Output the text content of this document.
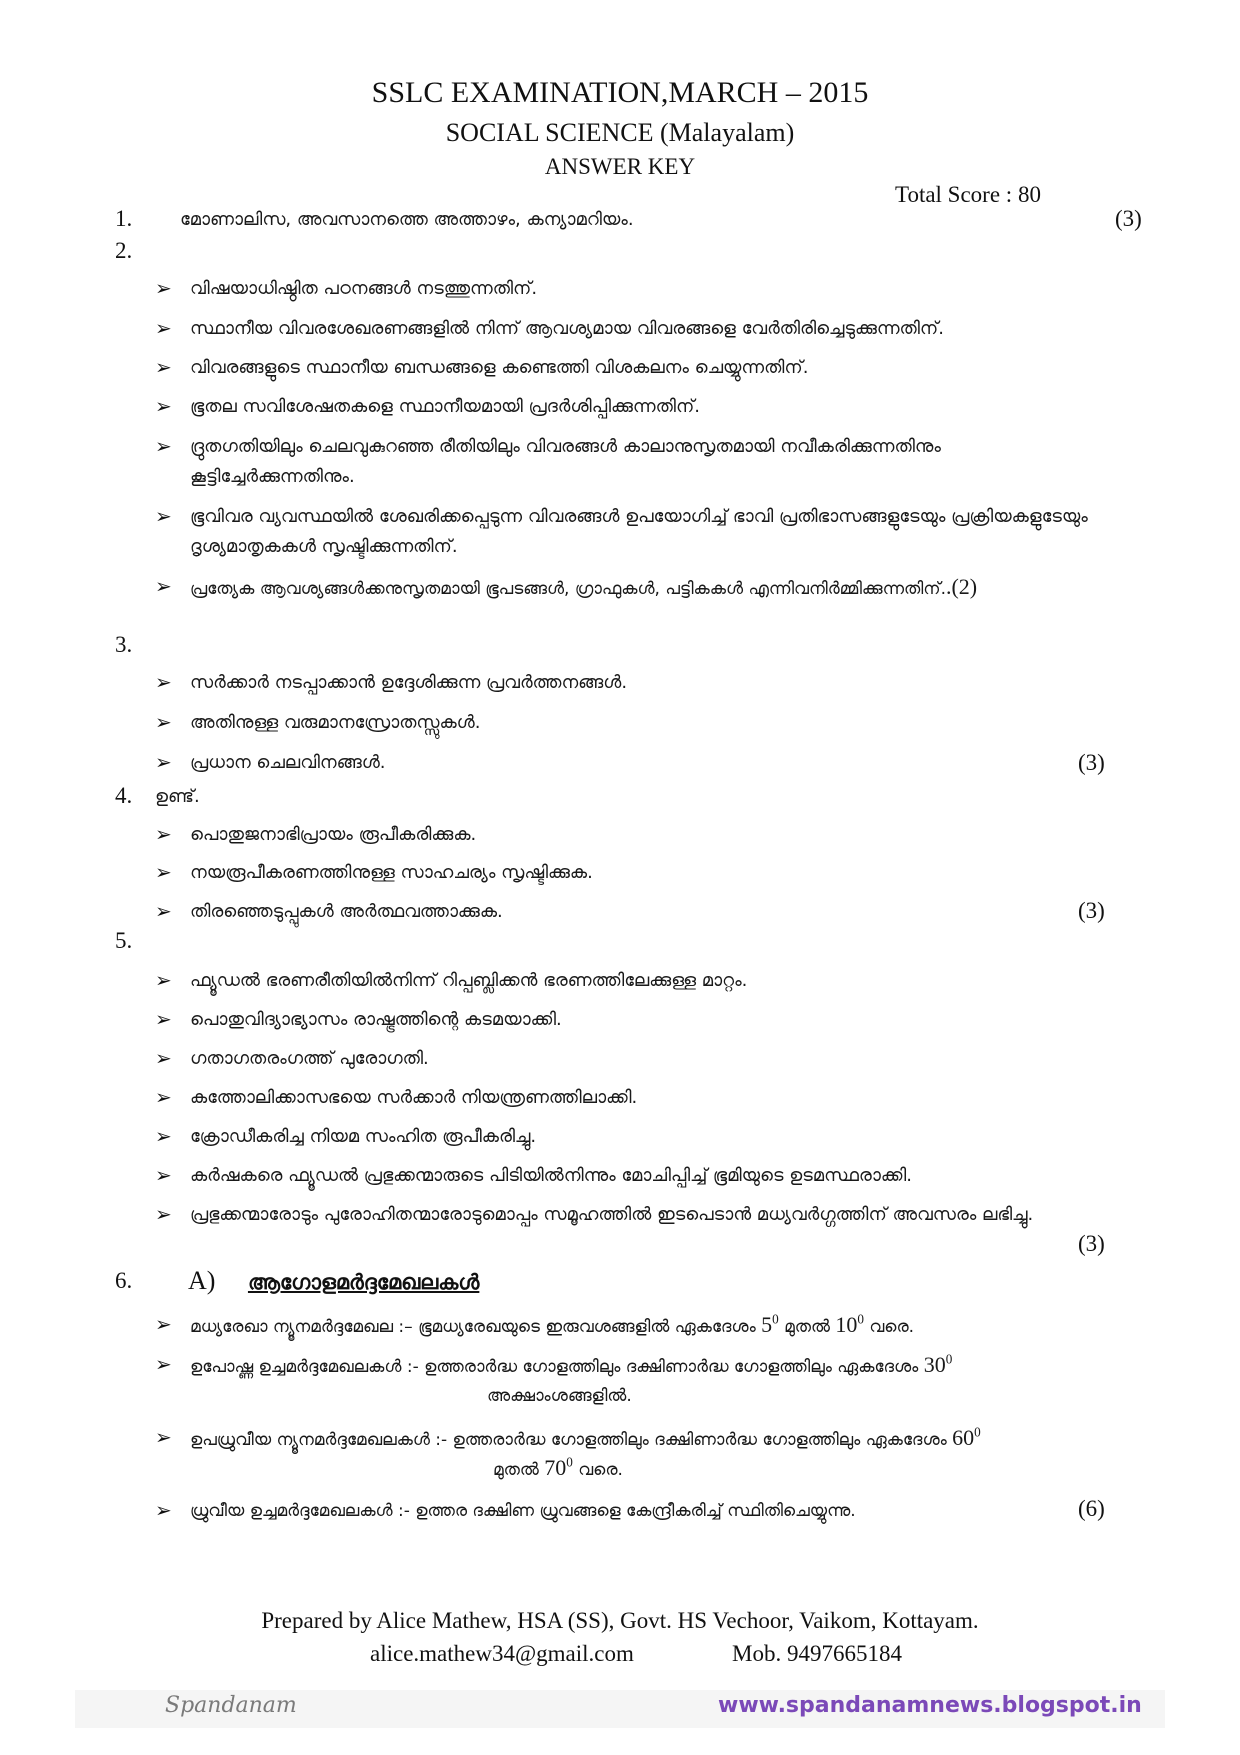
SSLC EXAMINATION,MARCH – 2015
SOCIAL SCIENCE (Malayalam)
ANSWER KEY
Total Score : 80
1.	മോണാലിസ, അവസാനത്തെ അത്താഴം, കന്യാമറിയം.	(3)
2.
➢	വിഷയാധിഷ്ഠിത പഠനങ്ങൾ നടത്തുന്നതിന്.
➢	സ്ഥാനീയ വിവരശേഖരണങ്ങളിൽ നിന്ന് ആവശ്യമായ വിവരങ്ങളെ വേർതിരിച്ചെടുക്കുന്നതിന്.
➢	വിവരങ്ങളുടെ സ്ഥാനീയ ബന്ധങ്ങളെ കണ്ടെത്തി വിശകലനം ചെയ്യുന്നതിന്.
➢	ഭൂതല സവിശേഷതകളെ സ്ഥാനീയമായി പ്രദർശിപ്പിക്കുന്നതിന്.
➢	ദ്രുതഗതിയിലും ചെലവുകുറഞ്ഞ രീതിയിലും വിവരങ്ങൾ കാലാനുസൃതമായി നവീകരിക്കുന്നതിനും കൂട്ടിച്ചേർക്കുന്നതിനും.
➢	ഭൂവിവര വ്യവസ്ഥയിൽ ശേഖരിക്കപ്പെടുന്ന വിവരങ്ങൾ ഉപയോഗിച്ച് ഭാവി പ്രതിഭാസങ്ങളുടേയും പ്രക്രിയകളുടേയും ദൃശ്യമാതൃകകൾ സൃഷ്ടിക്കുന്നതിന്.
➢	പ്രത്യേക ആവശ്യങ്ങൾക്കനുസൃതമായി ഭൂപടങ്ങൾ, ഗ്രാഫുകൾ, പട്ടികകൾ എന്നിവനിർമ്മിക്കുന്നതിന്..(2)
3.
➢	സർക്കാർ നടപ്പാക്കാൻ ഉദ്ദേശിക്കുന്ന പ്രവർത്തനങ്ങൾ.
➢	അതിനുള്ള വരുമാനസ്രോതസ്സുകൾ.
➢	പ്രധാന ചെലവിനങ്ങൾ.	(3)
4.	ഉണ്ട്.
➢	പൊതുജനാഭിപ്രായം രൂപീകരിക്കുക.
➢	നയരൂപീകരണത്തിനുള്ള സാഹചര്യം സൃഷ്ടിക്കുക.
➢	തിരഞ്ഞെടുപ്പുകൾ അർത്ഥവത്താക്കുക.	(3)
5.
➢	ഫ്യൂഡൽ ഭരണരീതിയിൽനിന്ന് റിപ്പബ്ലിക്കൻ ഭരണത്തിലേക്കുള്ള മാറ്റം.
➢	പൊതുവിദ്യാഭ്യാസം രാഷ്ട്രത്തിന്റെ കടമയാക്കി.
➢	ഗതാഗതരംഗത്ത് പുരോഗതി.
➢	കത്തോലിക്കാസഭയെ സർക്കാർ നിയന്ത്രണത്തിലാക്കി.
➢	ക്രോഡീകരിച്ച നിയമ സംഹിത രൂപീകരിച്ചു.
➢	കർഷകരെ ഫ്യൂഡൽ പ്രഭുക്കന്മാരുടെ പിടിയിൽനിന്നും മോചിപ്പിച്ച് ഭൂമിയുടെ ഉടമസ്ഥരാക്കി.
➢	പ്രഭുക്കന്മാരോടും പുരോഹിതന്മാരോടുമൊപ്പം സമൂഹത്തിൽ ഇടപെടാൻ മധ്യവർഗ്ഗത്തിന് അവസരം ലഭിച്ചു.
(3)
6.	A) ആഗോളമർദ്ദമേഖലകൾ
➢	മധ്യരേഖാ ന്യൂനമർദ്ദമേഖല :– ഭൂമധ്യരേഖയുടെ ഇരുവശങ്ങളിൽ ഏകദേശം $5^0$ മുതൽ $10^0$ വരെ.
➢	ഉപോഷ്ണ ഉച്ചമർദ്ദമേഖലകൾ :- ഉത്തരാർദ്ധ ഗോളത്തിലും ദക്ഷിണാർദ്ധ ഗോളത്തിലും ഏകദേശം $30^0$
അക്ഷാംശങ്ങളിൽ.
➢	ഉപധ്രുവീയ ന്യൂനമർദ്ദമേഖലകൾ :- ഉത്തരാർദ്ധ ഗോളത്തിലും ദക്ഷിണാർദ്ധ ഗോളത്തിലും ഏകദേശം $60^0$
മുതൽ $70^0$ വരെ.
➢	ധ്രുവീയ ഉച്ചമർദ്ദമേഖലകൾ :- ഉത്തര ദക്ഷിണ ധ്രുവങ്ങളെ കേന്ദ്രീകരിച്ച് സ്ഥിതിചെയ്യുന്നു.	(6)
Prepared by Alice Mathew, HSA (SS), Govt. HS Vechoor, Vaikom, Kottayam.
alice.mathew34@gmail.com	Mob. 9497665184
Spandanam	www.spandanamnews.blogspot.in
